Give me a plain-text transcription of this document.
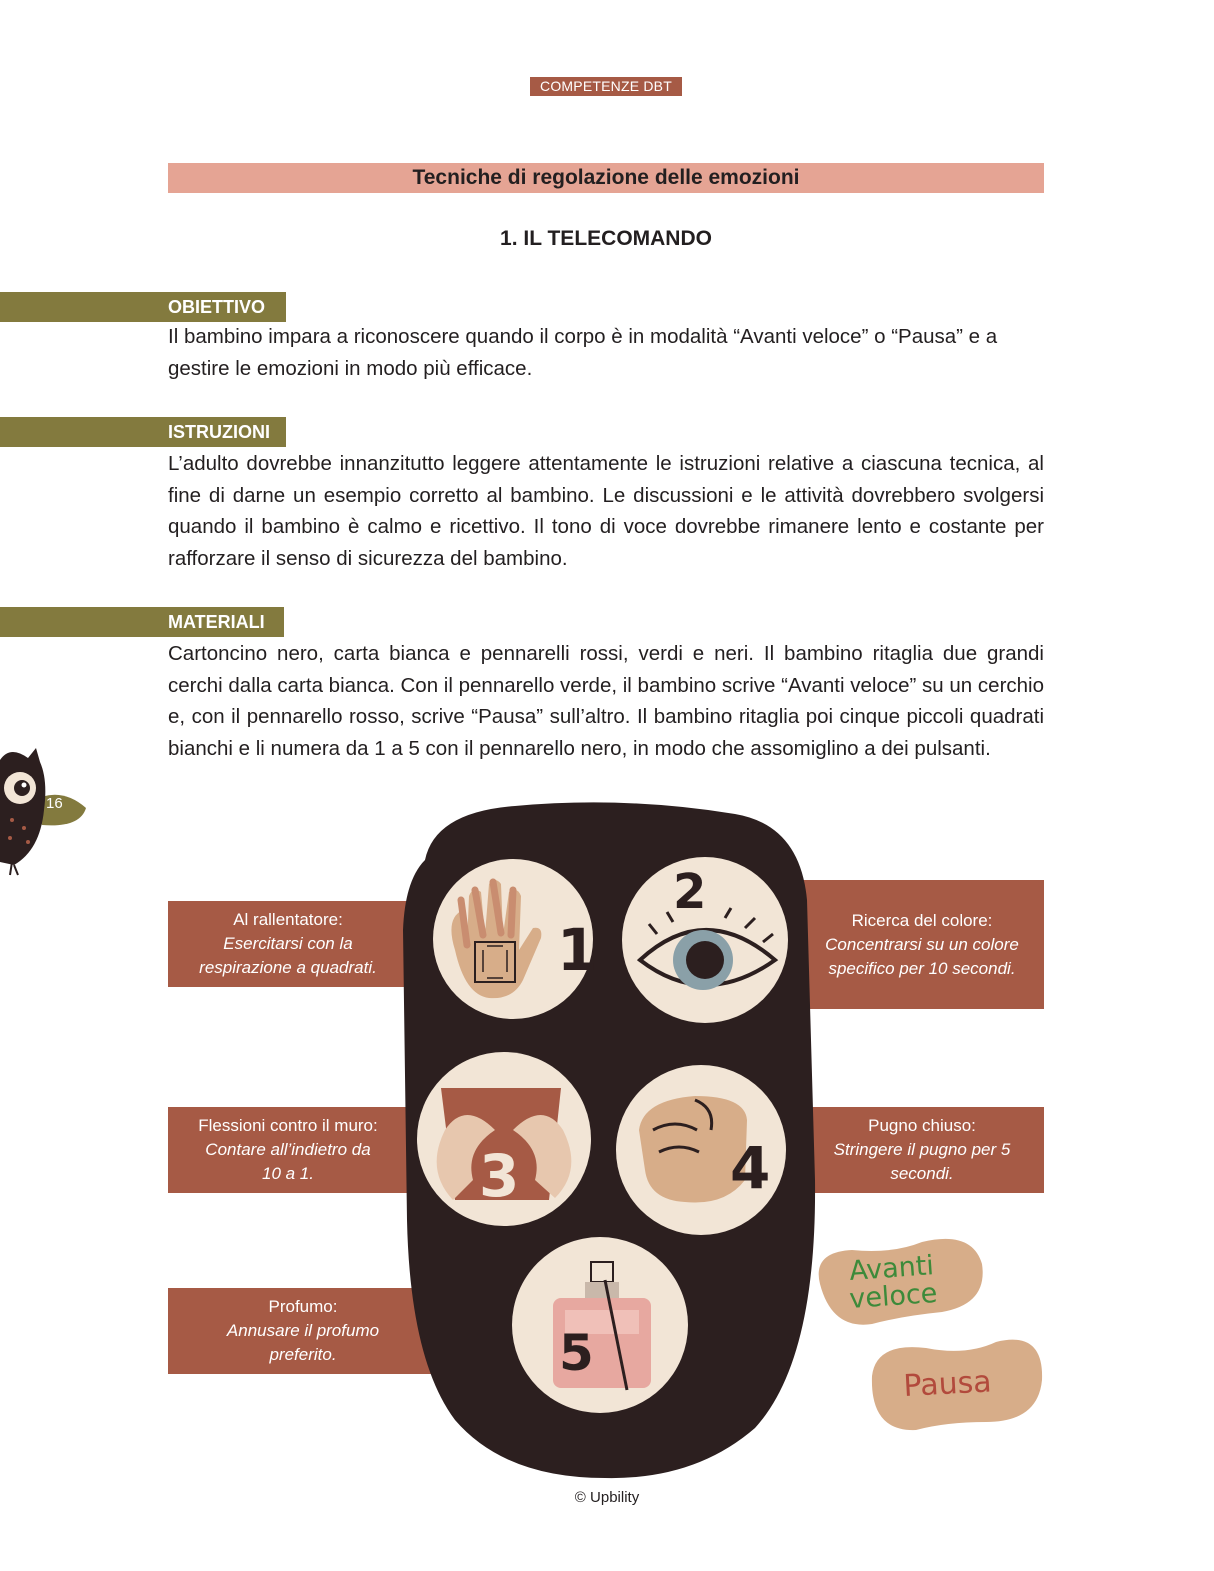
COMPETENZE DBT
Tecniche di regolazione delle emozioni
1. IL TELECOMANDO
OBIETTIVO
Il bambino impara a riconoscere quando il corpo è in modalità “Avanti veloce” o “Pausa” e a gestire le emozioni in modo più efficace.
ISTRUZIONI
L’adulto dovrebbe innanzitutto leggere attentamente le istruzioni relative a ciascuna tecnica, al fine di darne un esempio corretto al bambino. Le discussioni e le attività dovrebbero svolgersi quando il bambino è calmo e ricettivo. Il tono di voce dovrebbe rimanere lento e costante per rafforzare il senso di sicurezza del bambino.
MATERIALI
Cartoncino nero, carta bianca e pennarelli rossi, verdi e neri. Il bambino ritaglia due grandi cerchi dalla carta bianca. Con il pennarello verde, il bambino scrive “Avanti veloce” su un cerchio e, con il pennarello rosso, scrive “Pausa” sull’altro. Il bambino ritaglia poi cinque piccoli quadrati bianchi e li numera da 1 a 5 con il pennarello nero, in modo che assomiglino a dei pulsanti.
16
Al rallentatore:
Esercitarsi con la respirazione a quadrati.
Ricerca del colore:
Concentrarsi su un colore specifico per 10 secondi.
Flessioni contro il muro:
Contare all’indietro da 10 a 1.
Pugno chiuso:
Stringere il pugno per 5 secondi.
Profumo:
Annusare il profumo preferito.
1
2
3	4
5
Avanti
veloce
Pausa
© Upbility
